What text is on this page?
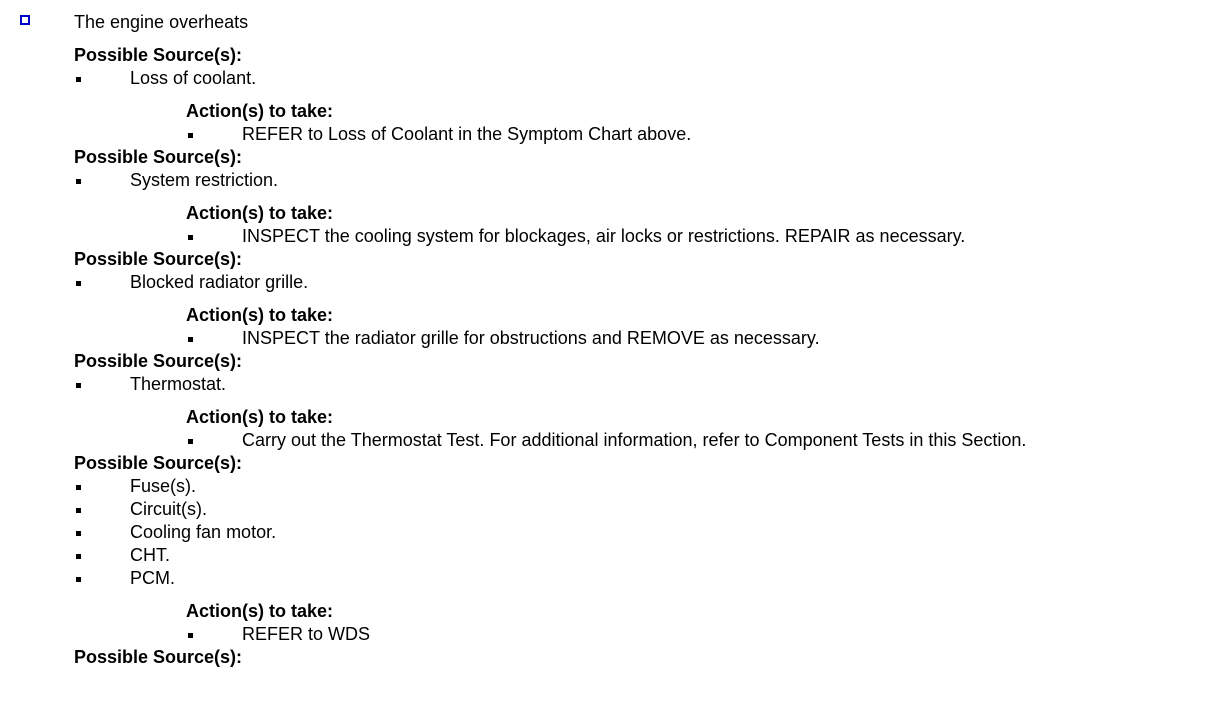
The engine overheats
Possible Source(s):
Loss of coolant.
Action(s) to take:
REFER to Loss of Coolant in the Symptom Chart above.
Possible Source(s):
System restriction.
Action(s) to take:
INSPECT the cooling system for blockages, air locks or restrictions. REPAIR as necessary.
Possible Source(s):
Blocked radiator grille.
Action(s) to take:
INSPECT the radiator grille for obstructions and REMOVE as necessary.
Possible Source(s):
Thermostat.
Action(s) to take:
Carry out the Thermostat Test. For additional information, refer to Component Tests in this Section.
Possible Source(s):
Fuse(s).
Circuit(s).
Cooling fan motor.
CHT.
PCM.
Action(s) to take:
REFER to WDS
Possible Source(s):
